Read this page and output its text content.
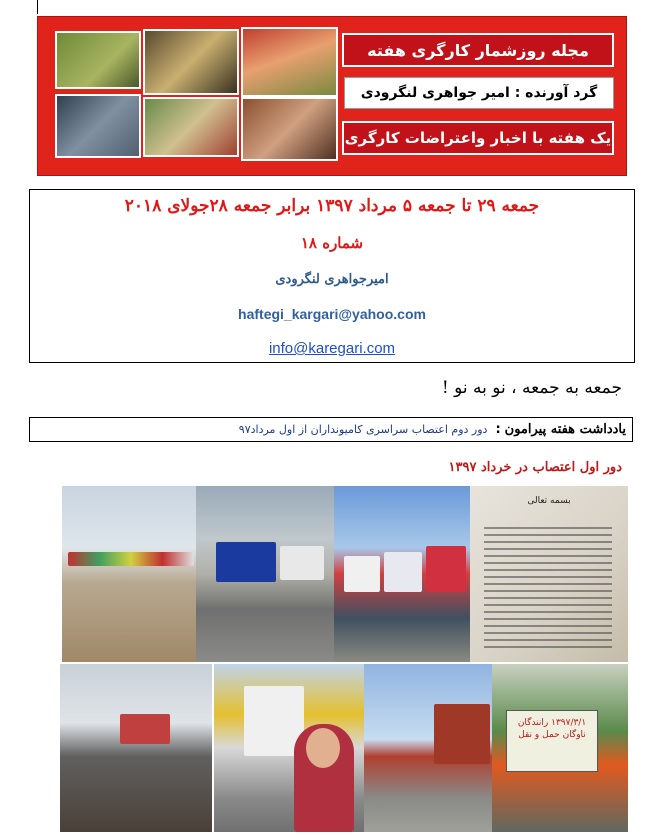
مجله روزشمار کارگری هفته
گرد آورنده : امیر جواهری لنگرودی
یک هفته با اخبار واعتراضات کارگری
جمعه ۲۹ تا جمعه ۵ مرداد ۱۳۹۷ برابر جمعه ۲۸جولای ۲۰۱۸
شماره ۱۸
امیرجواهری لنگرودی
haftegi_kargari@yahoo.com
info@karegari.com
جمعه به جمعه ، نو به نو !
یادداشت هفته پیرامون
:
دور دوم اعتصاب سراسری کامیونداران از اول مرداد۹۷
دور اول اعتصاب در خرداد ۱۳۹۷
بسمه تعالی
۱۳۹۷/۳/۱ رانندگان ناوگان حمل و نقل
